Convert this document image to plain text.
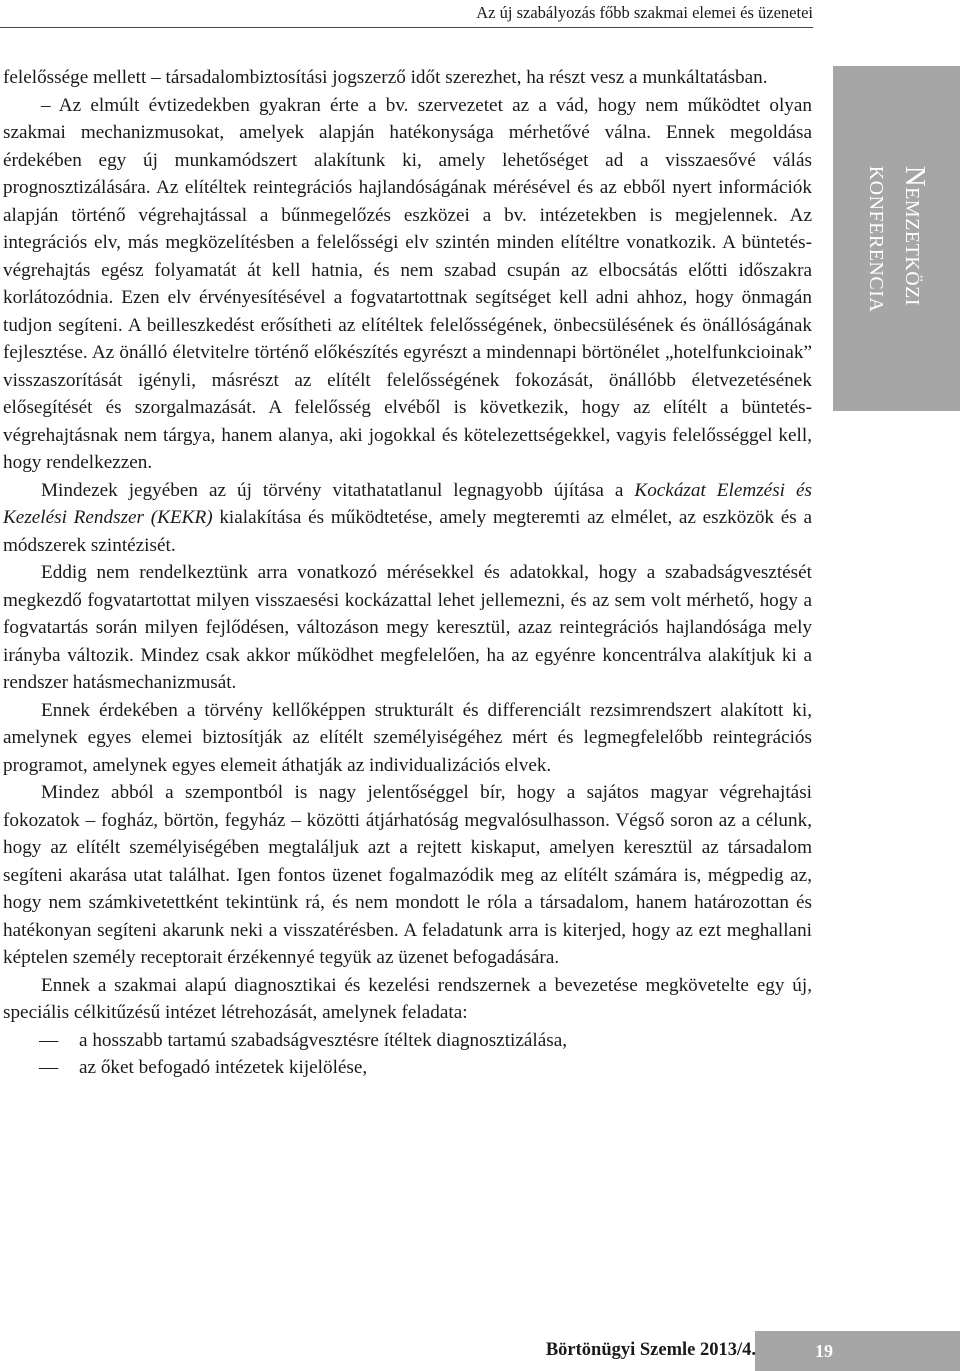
Az új szabályozás főbb szakmai elemei és üzenetei
Nemzetközi
konferencia

felelőssége mellett – társadalombiztosítási jogszerző időt szerezhet, ha részt vesz a munkáltatásban.

– Az elmúlt évtizedekben gyakran érte a bv. szervezetet az a vád, hogy nem működtet olyan szakmai mechanizmusokat, amelyek alapján hatékonysága mérhetővé válna. Ennek megoldása érdekében egy új munkamódszert alakítunk ki, amely lehetőséget ad a visszaesővé válás prognosztizálására. Az elítéltek reintegrációs hajlandóságának mérésével és az ebből nyert információk alapján történő végrehajtással a bűnmegelőzés eszközei a bv. intézetekben is megjelennek. Az integrációs elv, más megközelítésben a felelősségi elv szintén minden elítéltre vonatkozik. A büntetés-végrehajtás egész folyamatát át kell hatnia, és nem szabad csupán az elbocsátás előtti időszakra korlátozódnia. Ezen elv érvényesítésével a fogvatartottnak segítséget kell adni ahhoz, hogy önmagán tudjon segíteni. A beilleszkedést erősítheti az elítéltek felelősségének, önbecsülésének és önállóságának fejlesztése. Az önálló életvitelre történő előkészítés egyrészt a mindennapi börtönélet „hotelfunkcioinak” visszaszorítását igényli, másrészt az elítélt felelősségének fokozását, önállóbb életvezetésének elősegítését és szorgalmazását. A felelősség elvéből is következik, hogy az elítélt a büntetés-végrehajtásnak nem tárgya, hanem alanya, aki jogokkal és kötelezettségekkel, vagyis felelősséggel kell, hogy rendelkezzen.

Mindezek jegyében az új törvény vitathatatlanul legnagyobb újítása a Kockázat Elemzési és Kezelési Rendszer (KEKR) kialakítása és működtetése, amely megteremti az elmélet, az eszközök és a módszerek szintézisét.

Eddig nem rendelkeztünk arra vonatkozó mérésekkel és adatokkal, hogy a szabadságvesztését megkezdő fogvatartottat milyen visszaesési kockázattal lehet jellemezni, és az sem volt mérhető, hogy a fogvatartás során milyen fejlődésen, változáson megy keresztül, azaz reintegrációs hajlandósága mely irányba változik. Mindez csak akkor működhet megfelelően, ha az egyénre koncentrálva alakítjuk ki a rendszer hatásmechanizmusát.

Ennek érdekében a törvény kellőképpen strukturált és differenciált rezsimrendszert alakított ki, amelynek egyes elemei biztosítják az elítélt személyiségéhez mért és legmegfelelőbb reintegrációs programot, amelynek egyes elemeit áthatják az individualizációs elvek.

Mindez abból a szempontból is nagy jelentőséggel bír, hogy a sajátos magyar végrehajtási fokozatok – fogház, börtön, fegyház – közötti átjárhatóság megvalósulhasson. Végső soron az a célunk, hogy az elítélt személyiségében megtaláljuk azt a rejtett kiskaput, amelyen keresztül az társadalom segíteni akarása utat találhat. Igen fontos üzenet fogalmazódik meg az elítélt számára is, mégpedig az, hogy nem számkivetettként tekintünk rá, és nem mondott le róla a társadalom, hanem határozottan és hatékonyan segíteni akarunk neki a visszatérésben. A feladatunk arra is kiterjed, hogy az ezt meghallani képtelen személy receptorait érzékennyé tegyük az üzenet befogadására.

Ennek a szakmai alapú diagnosztikai és kezelési rendszernek a bevezetése megkövetelte egy új, speciális célkitűzésű intézet létrehozását, amelynek feladata:

—	a hosszabb tartamú szabadságvesztésre ítéltek diagnosztizálása,
—	az őket befogadó intézetek kijelölése,
Börtönügyi Szemle 2013/4.	19
